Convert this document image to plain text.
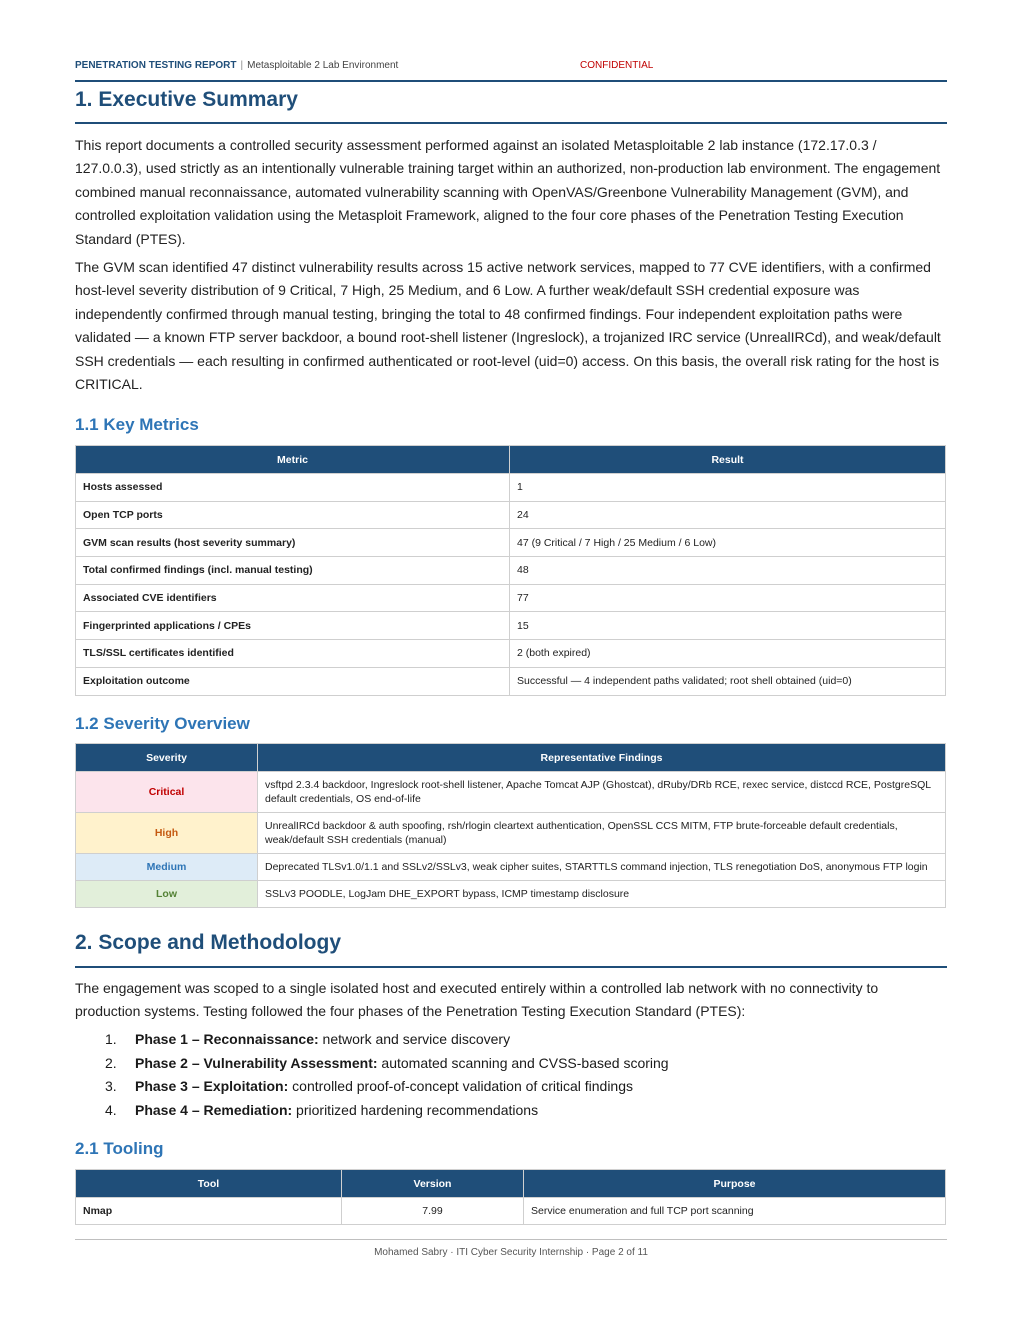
PENETRATION TESTING REPORT | Metasploitable 2 Lab Environment	CONFIDENTIAL
1. Executive Summary

This report documents a controlled security assessment performed against an isolated Metasploitable 2 lab instance (172.17.0.3 / 127.0.0.3), used strictly as an intentionally vulnerable training target within an authorized, non-production lab environment. The engagement combined manual reconnaissance, automated vulnerability scanning with OpenVAS/Greenbone Vulnerability Management (GVM), and controlled exploitation validation using the Metasploit Framework, aligned to the four core phases of the Penetration Testing Execution Standard (PTES).

The GVM scan identified 47 distinct vulnerability results across 15 active network services, mapped to 77 CVE identifiers, with a confirmed host-level severity distribution of 9 Critical, 7 High, 25 Medium, and 6 Low. A further weak/default SSH credential exposure was independently confirmed through manual testing, bringing the total to 48 confirmed findings. Four independent exploitation paths were validated — a known FTP server backdoor, a bound root-shell listener (Ingreslock), a trojanized IRC service (UnrealIRCd), and weak/default SSH credentials — each resulting in confirmed authenticated or root-level (uid=0) access. On this basis, the overall risk rating for the host is CRITICAL.

1.1 Key Metrics
Metric	Result
Hosts assessed	1
Open TCP ports	24
GVM scan results (host severity summary)	47 (9 Critical / 7 High / 25 Medium / 6 Low)
Total confirmed findings (incl. manual testing)	48
Associated CVE identifiers	77
Fingerprinted applications / CPEs	15
TLS/SSL certificates identified	2 (both expired)
Exploitation outcome	Successful — 4 independent paths validated; root shell obtained (uid=0)
1.2 Severity Overview
Severity	Representative Findings
Critical	vsftpd 2.3.4 backdoor, Ingreslock root-shell listener, Apache Tomcat AJP (Ghostcat), dRuby/DRb RCE, rexec service, distccd RCE, PostgreSQL default credentials, OS end-of-life
High	UnrealIRCd backdoor & auth spoofing, rsh/rlogin cleartext authentication, OpenSSL CCS MITM, FTP brute-forceable default credentials, weak/default SSH credentials (manual)
Medium	Deprecated TLSv1.0/1.1 and SSLv2/SSLv3, weak cipher suites, STARTTLS command injection, TLS renegotiation DoS, anonymous FTP login
Low	SSLv3 POODLE, LogJam DHE_EXPORT bypass, ICMP timestamp disclosure
2. Scope and Methodology

The engagement was scoped to a single isolated host and executed entirely within a controlled lab network with no connectivity to production systems. Testing followed the four phases of the Penetration Testing Execution Standard (PTES):

1. Phase 1 – Reconnaissance: network and service discovery
2. Phase 2 – Vulnerability Assessment: automated scanning and CVSS-based scoring
3. Phase 3 – Exploitation: controlled proof-of-concept validation of critical findings
4. Phase 4 – Remediation: prioritized hardening recommendations
2.1 Tooling
Tool	Version	Purpose
Nmap	7.99	Service enumeration and full TCP port scanning
Mohamed Sabry · ITI Cyber Security Internship · Page 2 of 11
